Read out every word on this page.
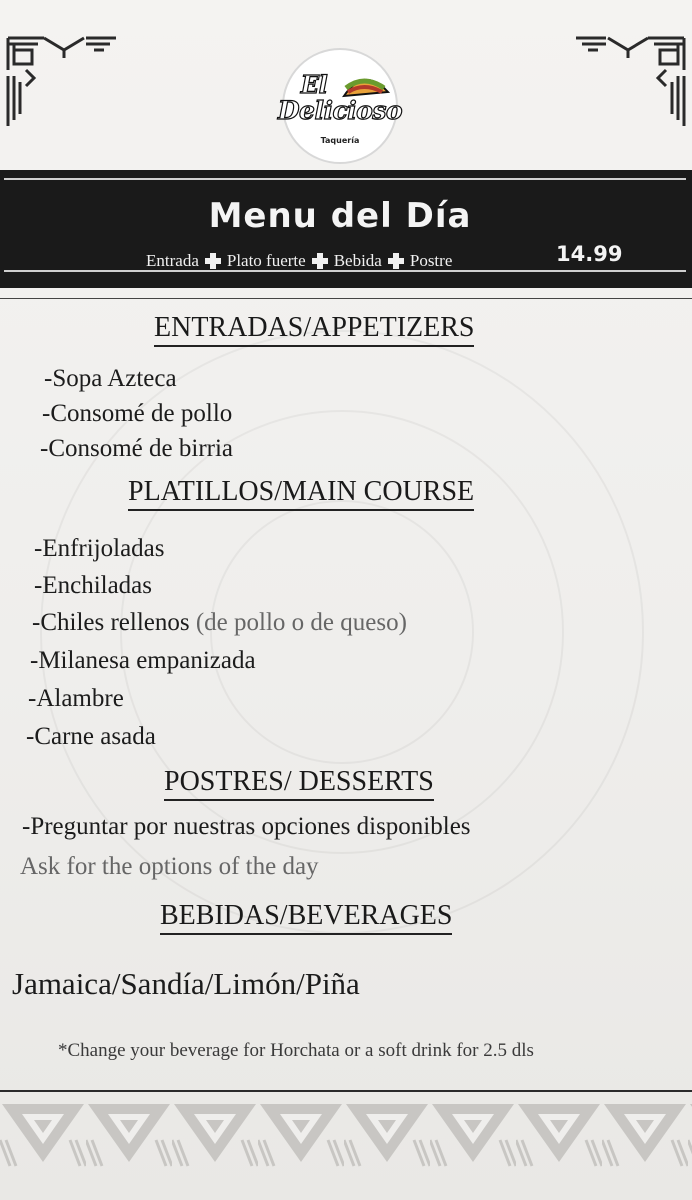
El
Delicioso
Taquería
Menu del Día
Entrada Plato fuerte Bebida Postre	14.99
ENTRADAS/APPETIZERS
-Sopa Azteca
-Consomé de pollo
-Consomé de birria
PLATILLOS/MAIN COURSE
-Enfrijoladas
-Enchiladas
-Chiles rellenos (de pollo o de queso)
-Milanesa empanizada
-Alambre
-Carne asada
POSTRES/ DESSERTS
-Preguntar por nuestras opciones disponibles
Ask for the options of the day
BEBIDAS/BEVERAGES
Jamaica/Sandía/Limón/Piña
*Change your beverage for Horchata or a soft drink for 2.5 dls
